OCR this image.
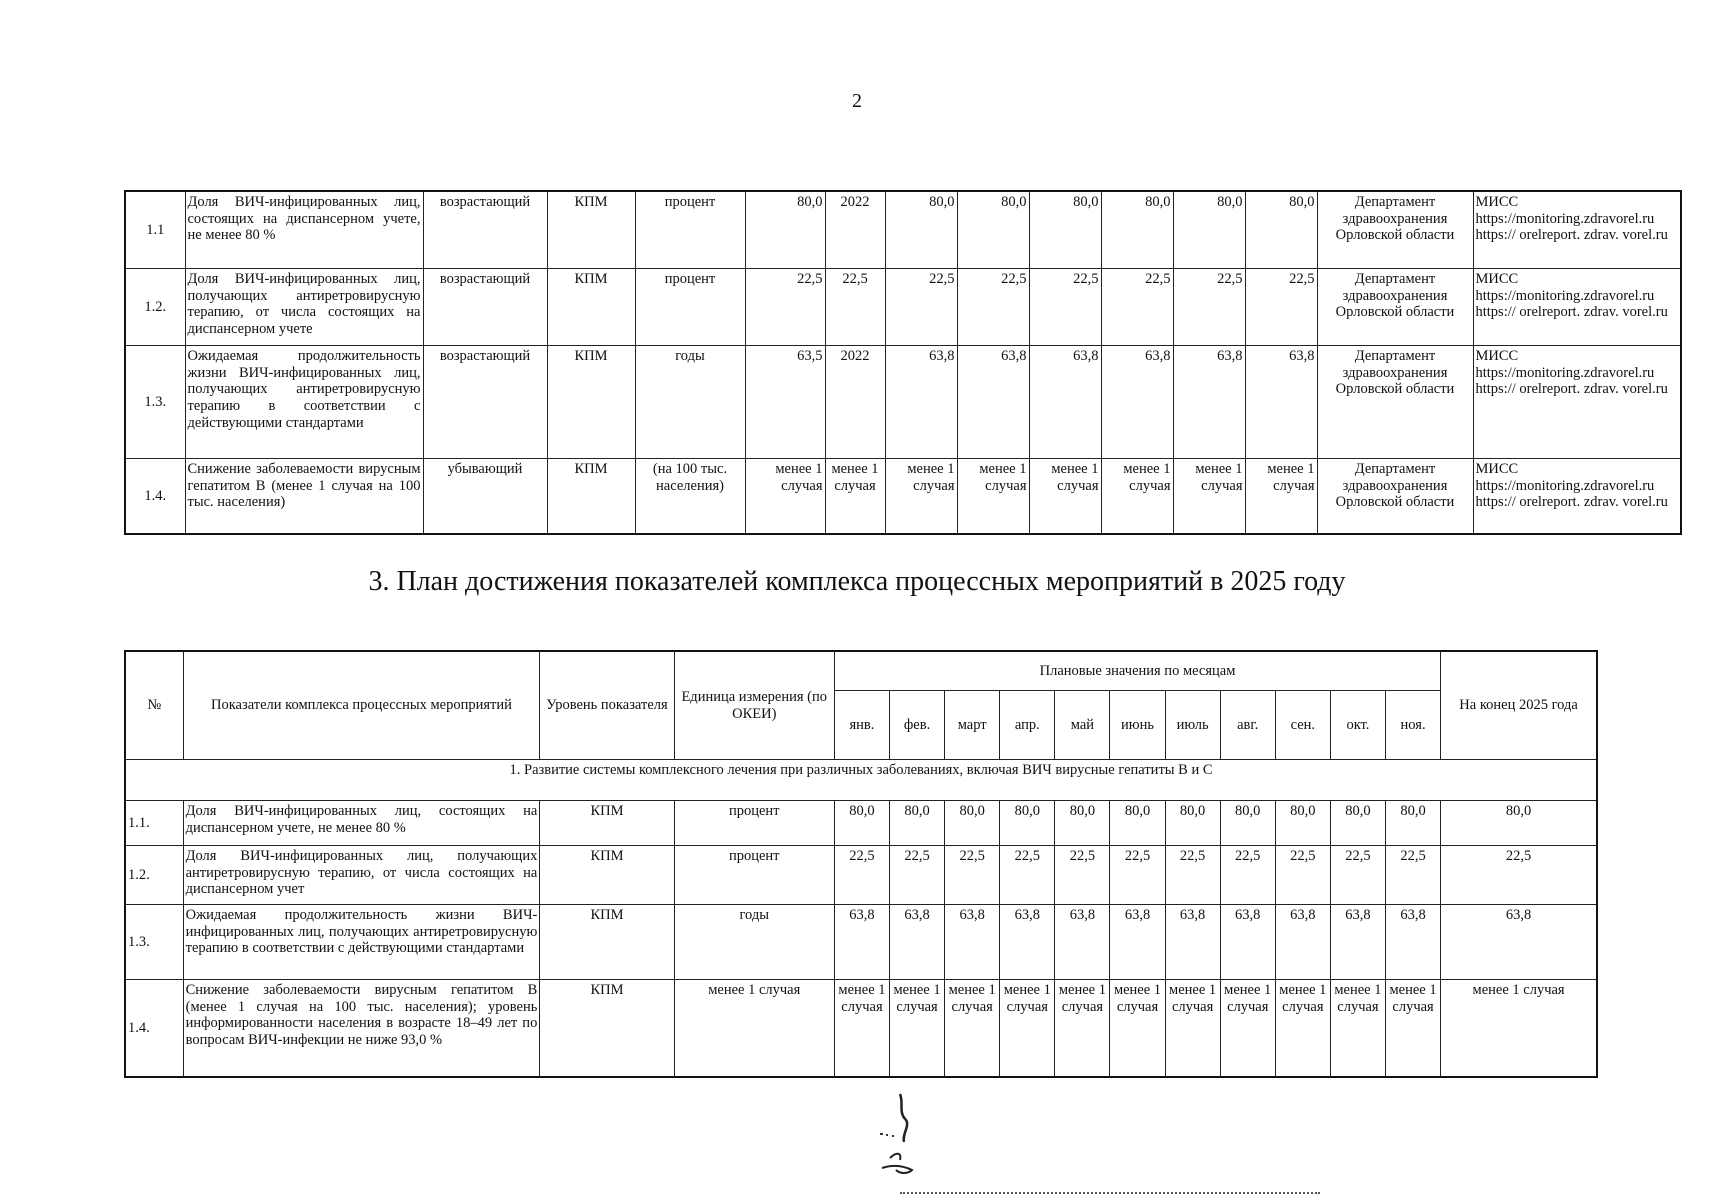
2
1.1	Доля ВИЧ-инфицированных лиц, состоящих на диспансерном учете, не менее 80 %	возрастающий	КПМ	процент	80,0	2022	80,0	80,0	80,0	80,0	80,0	80,0	Департамент здравоохранения Орловской области	МИСС https://monitoring.zdravorel.ru https:// orelreport. zdrav. vorel.ru
1.2.	Доля ВИЧ-инфицированных лиц, получающих антиретровирусную терапию, от числа состоящих на диспансерном учете	возрастающий	КПМ	процент	22,5	22,5	22,5	22,5	22,5	22,5	22,5	22,5	Департамент здравоохранения Орловской области	МИСС https://monitoring.zdravorel.ru https:// orelreport. zdrav. vorel.ru
1.3.	Ожидаемая продолжительность жизни ВИЧ-инфицированных лиц, получающих антиретровирусную терапию в соответствии с действующими стандартами	возрастающий	КПМ	годы	63,5	2022	63,8	63,8	63,8	63,8	63,8	63,8	Департамент здравоохранения Орловской области	МИСС https://monitoring.zdravorel.ru https:// orelreport. zdrav. vorel.ru
1.4.	Снижение заболеваемости вирусным гепатитом В (менее 1 случая на 100 тыс. населения)	убывающий	КПМ	(на 100 тыс. населения)	менее 1 случая	менее 1 случая	менее 1 случая	менее 1 случая	менее 1 случая	менее 1 случая	менее 1 случая	менее 1 случая	Департамент здравоохранения Орловской области	МИСС https://monitoring.zdravorel.ru https:// orelreport. zdrav. vorel.ru
3. План достижения показателей комплекса процессных мероприятий в 2025 году
№	Показатели комплекса процессных мероприятий	Уровень показателя	Единица измерения (по ОКЕИ)	Плановые значения по месяцам											На конец 2025 года
				янв.	фев.	март	апр.	май	июнь	июль	авг.	сен.	окт.	ноя.	
1. Развитие системы комплексного лечения при различных заболеваниях, включая ВИЧ вирусные гепатиты В и С															
1.1.	Доля ВИЧ-инфицированных лиц, состоящих на диспансерном учете, не менее 80 %	КПМ	процент	80,0	80,0	80,0	80,0	80,0	80,0	80,0	80,0	80,0	80,0	80,0	80,0
1.2.	Доля ВИЧ-инфицированных лиц, получающих антиретровирусную терапию, от числа состоящих на диспансерном учет	КПМ	процент	22,5	22,5	22,5	22,5	22,5	22,5	22,5	22,5	22,5	22,5	22,5	22,5
1.3.	Ожидаемая продолжительность жизни ВИЧ-инфицированных лиц, получающих антиретровирусную терапию в соответствии с действующими стандартами	КПМ	годы	63,8	63,8	63,8	63,8	63,8	63,8	63,8	63,8	63,8	63,8	63,8	63,8
1.4.	Снижение заболеваемости вирусным гепатитом В (менее 1 случая на 100 тыс. населения); уровень информированности населения в возрасте 18–49 лет по вопросам ВИЧ-инфекции не ниже 93,0 %	КПМ	менее 1 случая	менее 1 случая	менее 1 случая	менее 1 случая	менее 1 случая	менее 1 случая	менее 1 случая	менее 1 случая	менее 1 случая	менее 1 случая	менее 1 случая	менее 1 случая	менее 1 случая
